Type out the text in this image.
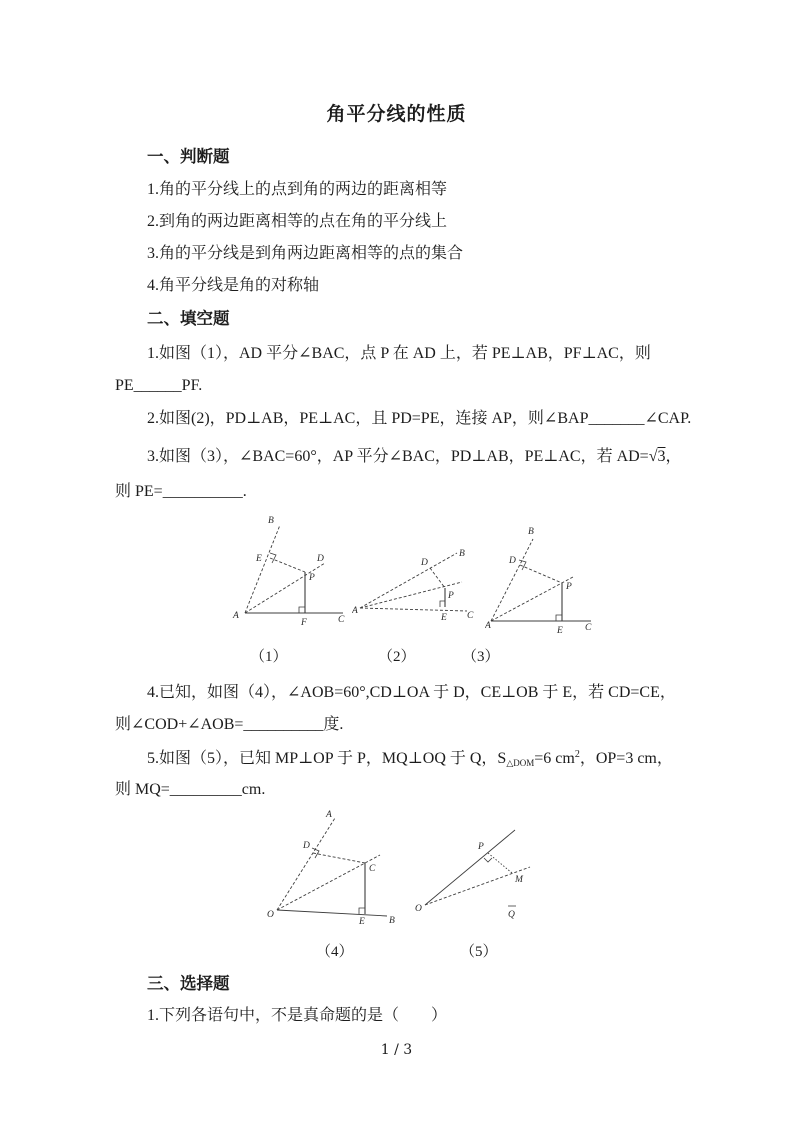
角平分线的性质
一、判断题
1.角的平分线上的点到角的两边的距离相等
2.到角的两边距离相等的点在角的平分线上
3.角的平分线是到角两边距离相等的点的集合
4.角平分线是角的对称轴
二、填空题
1.如图（1），AD 平分∠BAC，点 P 在 AD 上，若 PE⊥AB，PF⊥AC，则
PE______PF.
2.如图(2)，PD⊥AB，PE⊥AC，且 PD=PE，连接 AP，则∠BAP_______∠CAP.
3.如图（3），∠BAC=60°，AP 平分∠BAC，PD⊥AB，PE⊥AC，若 AD=√3，
则 PE=__________.
A
B
C
D
E
F
P
A
B
C
D
E
P
A
B
C
D
E
P
（1）	（2）	（3）
4.已知，如图（4），∠AOB=60°,CD⊥OA 于 D，CE⊥OB 于 E，若 CD=CE，
则∠COD+∠AOB=__________度.
5.如图（5），已知 MP⊥OP 于 P，MQ⊥OQ 于 Q，$S_{\triangle DOM}=6$ $cm^2$，OP=3 cm，
则 MQ=_________cm.
O
A
B
C
D
E
O
P
M
Q
（4）	（5）
三、选择题
1.下列各语句中，不是真命题的是（　　）
1 / 3
